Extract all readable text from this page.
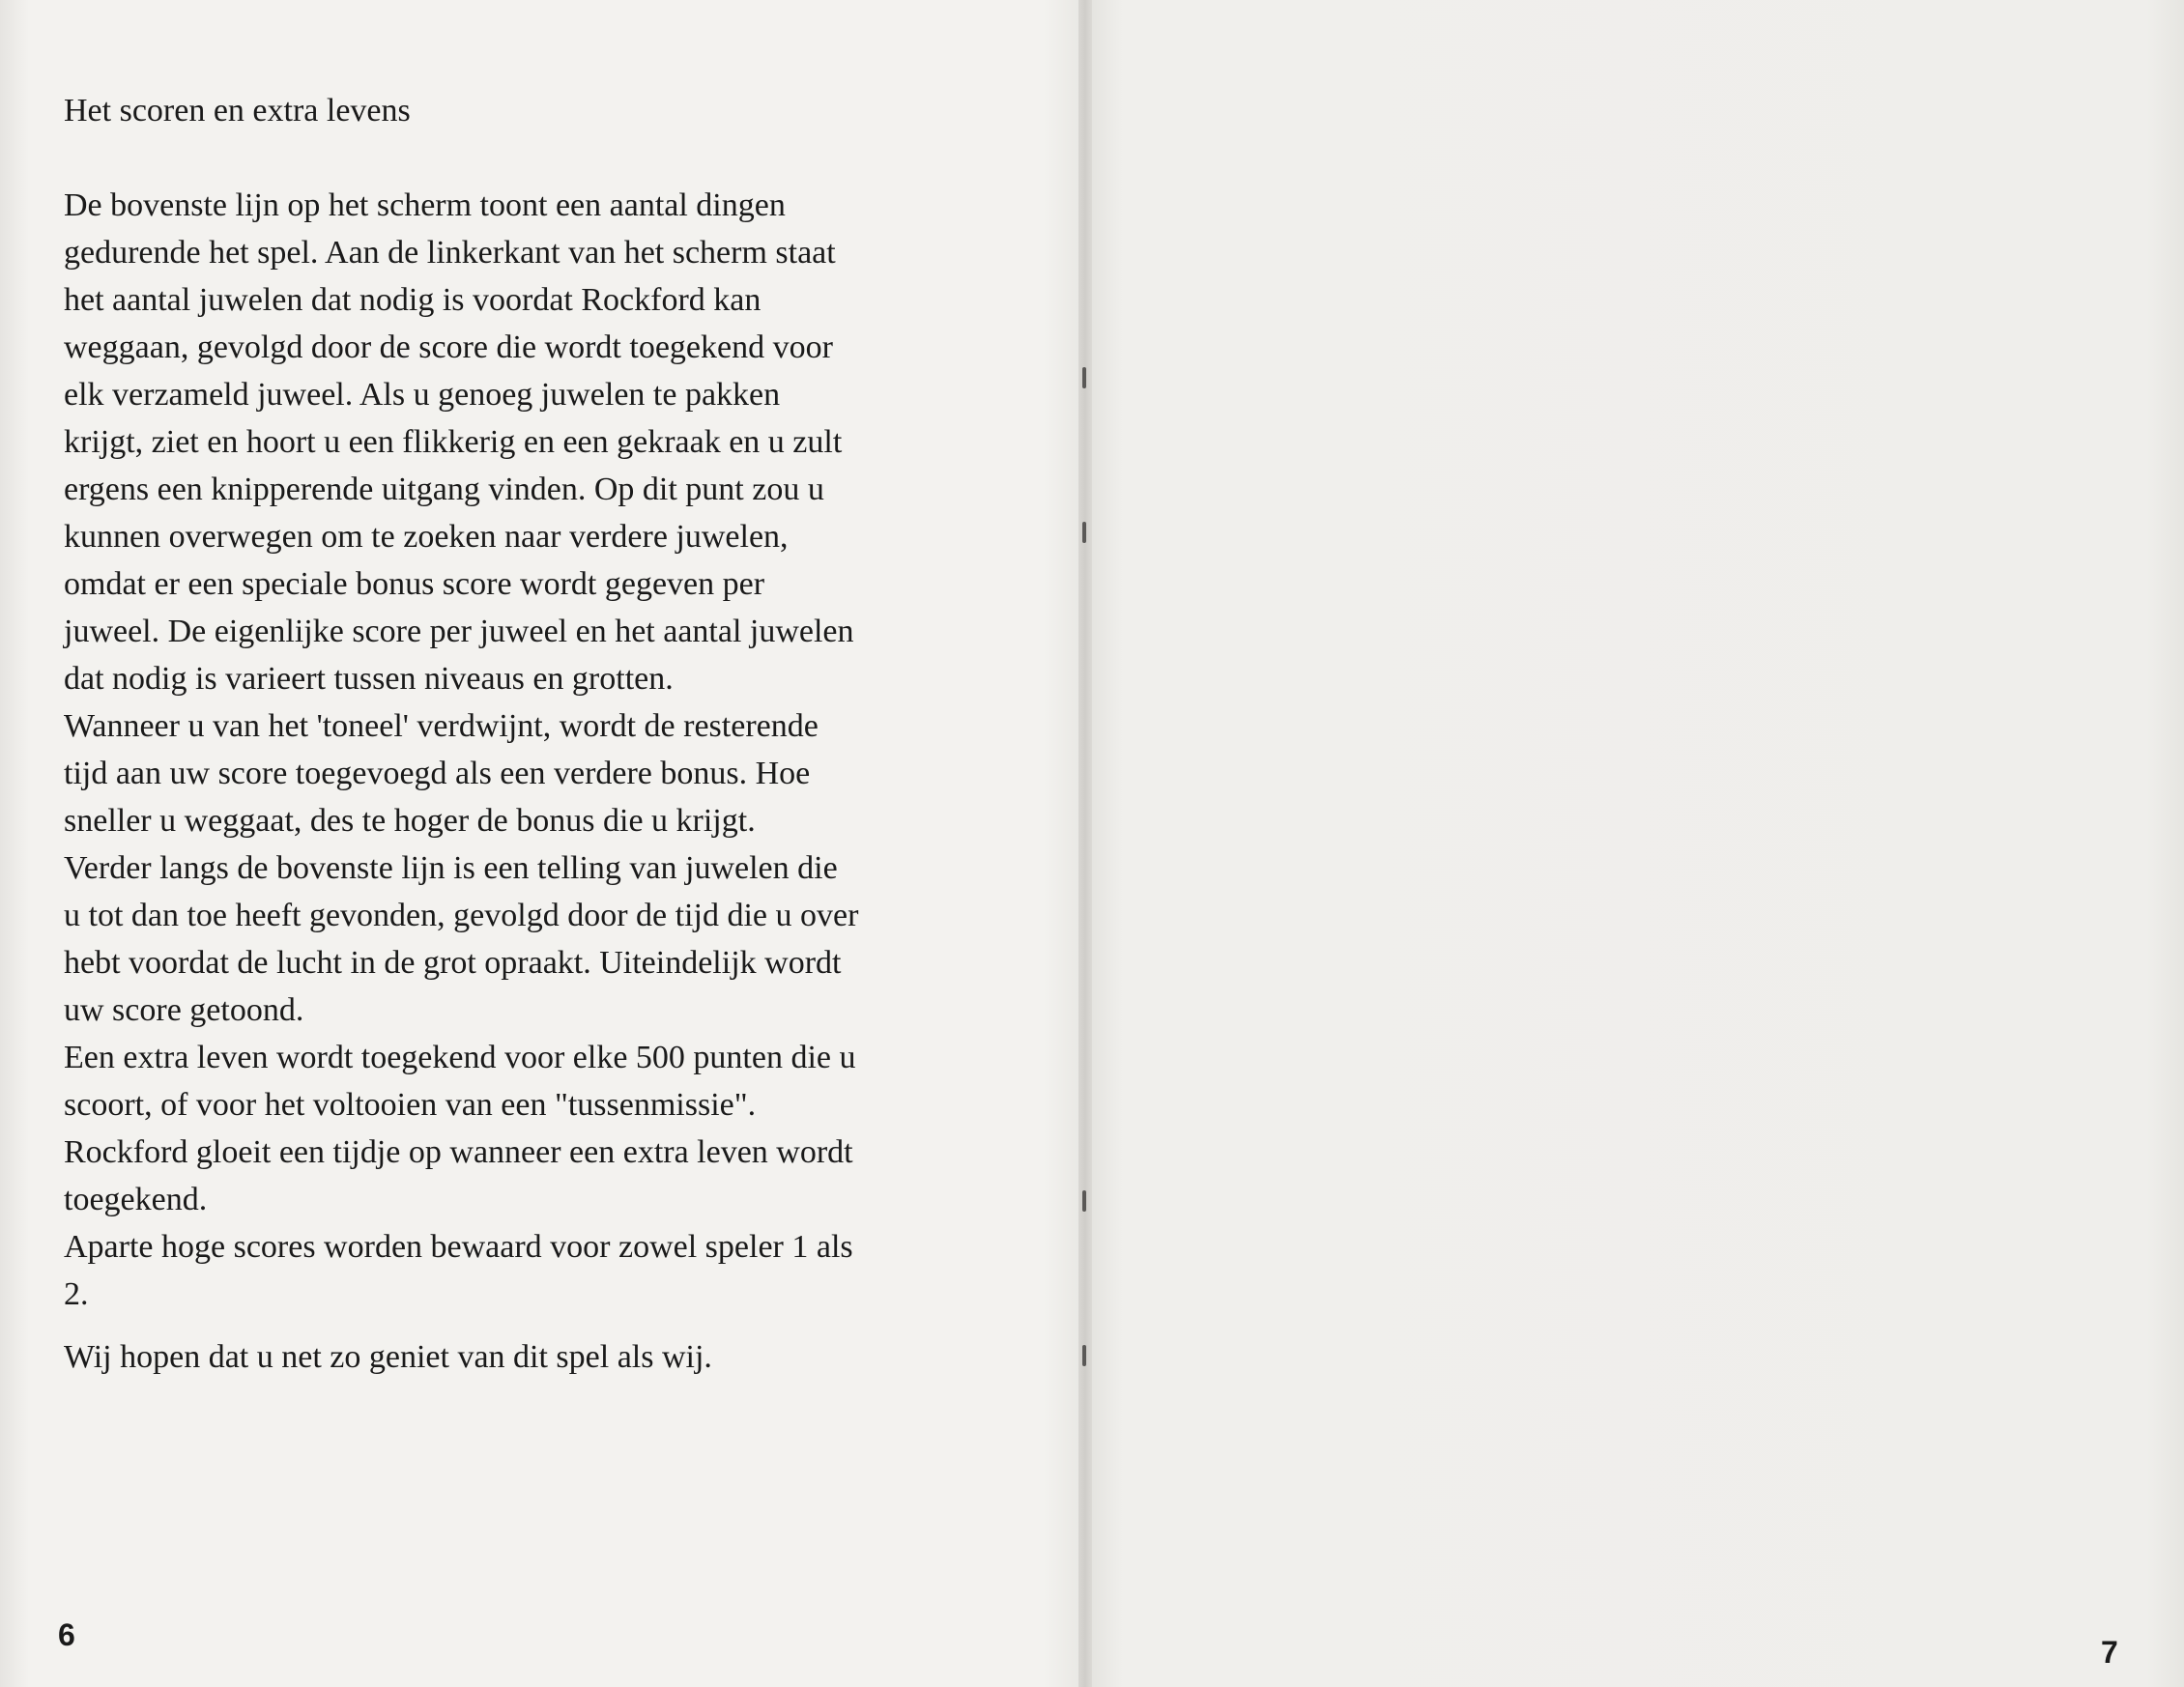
Het scoren en extra levens

De bovenste lijn op het scherm toont een aantal dingen

gedurende het spel. Aan de linkerkant van het scherm staat

het aantal juwelen dat nodig is voordat Rockford kan

weggaan, gevolgd door de score die wordt toegekend voor

elk verzameld juweel. Als u genoeg juwelen te pakken

krijgt, ziet en hoort u een flikkerig en een gekraak en u zult

ergens een knipperende uitgang vinden. Op dit punt zou u

kunnen overwegen om te zoeken naar verdere juwelen,

omdat er een speciale bonus score wordt gegeven per

juweel. De eigenlijke score per juweel en het aantal juwelen

dat nodig is varieert tussen niveaus en grotten.

Wanneer u van het 'toneel' verdwijnt, wordt de resterende

tijd aan uw score toegevoegd als een verdere bonus. Hoe

sneller u weggaat, des te hoger de bonus die u krijgt.

Verder langs de bovenste lijn is een telling van juwelen die

u tot dan toe heeft gevonden, gevolgd door de tijd die u over

hebt voordat de lucht in de grot opraakt. Uiteindelijk wordt

uw score getoond.

Een extra leven wordt toegekend voor elke 500 punten die u

scoort, of voor het voltooien van een "tussenmissie".

Rockford gloeit een tijdje op wanneer een extra leven wordt

toegekend.

Aparte hoge scores worden bewaard voor zowel speler 1 als

2.

Wij hopen dat u net zo geniet van dit spel als wij.

6	7
